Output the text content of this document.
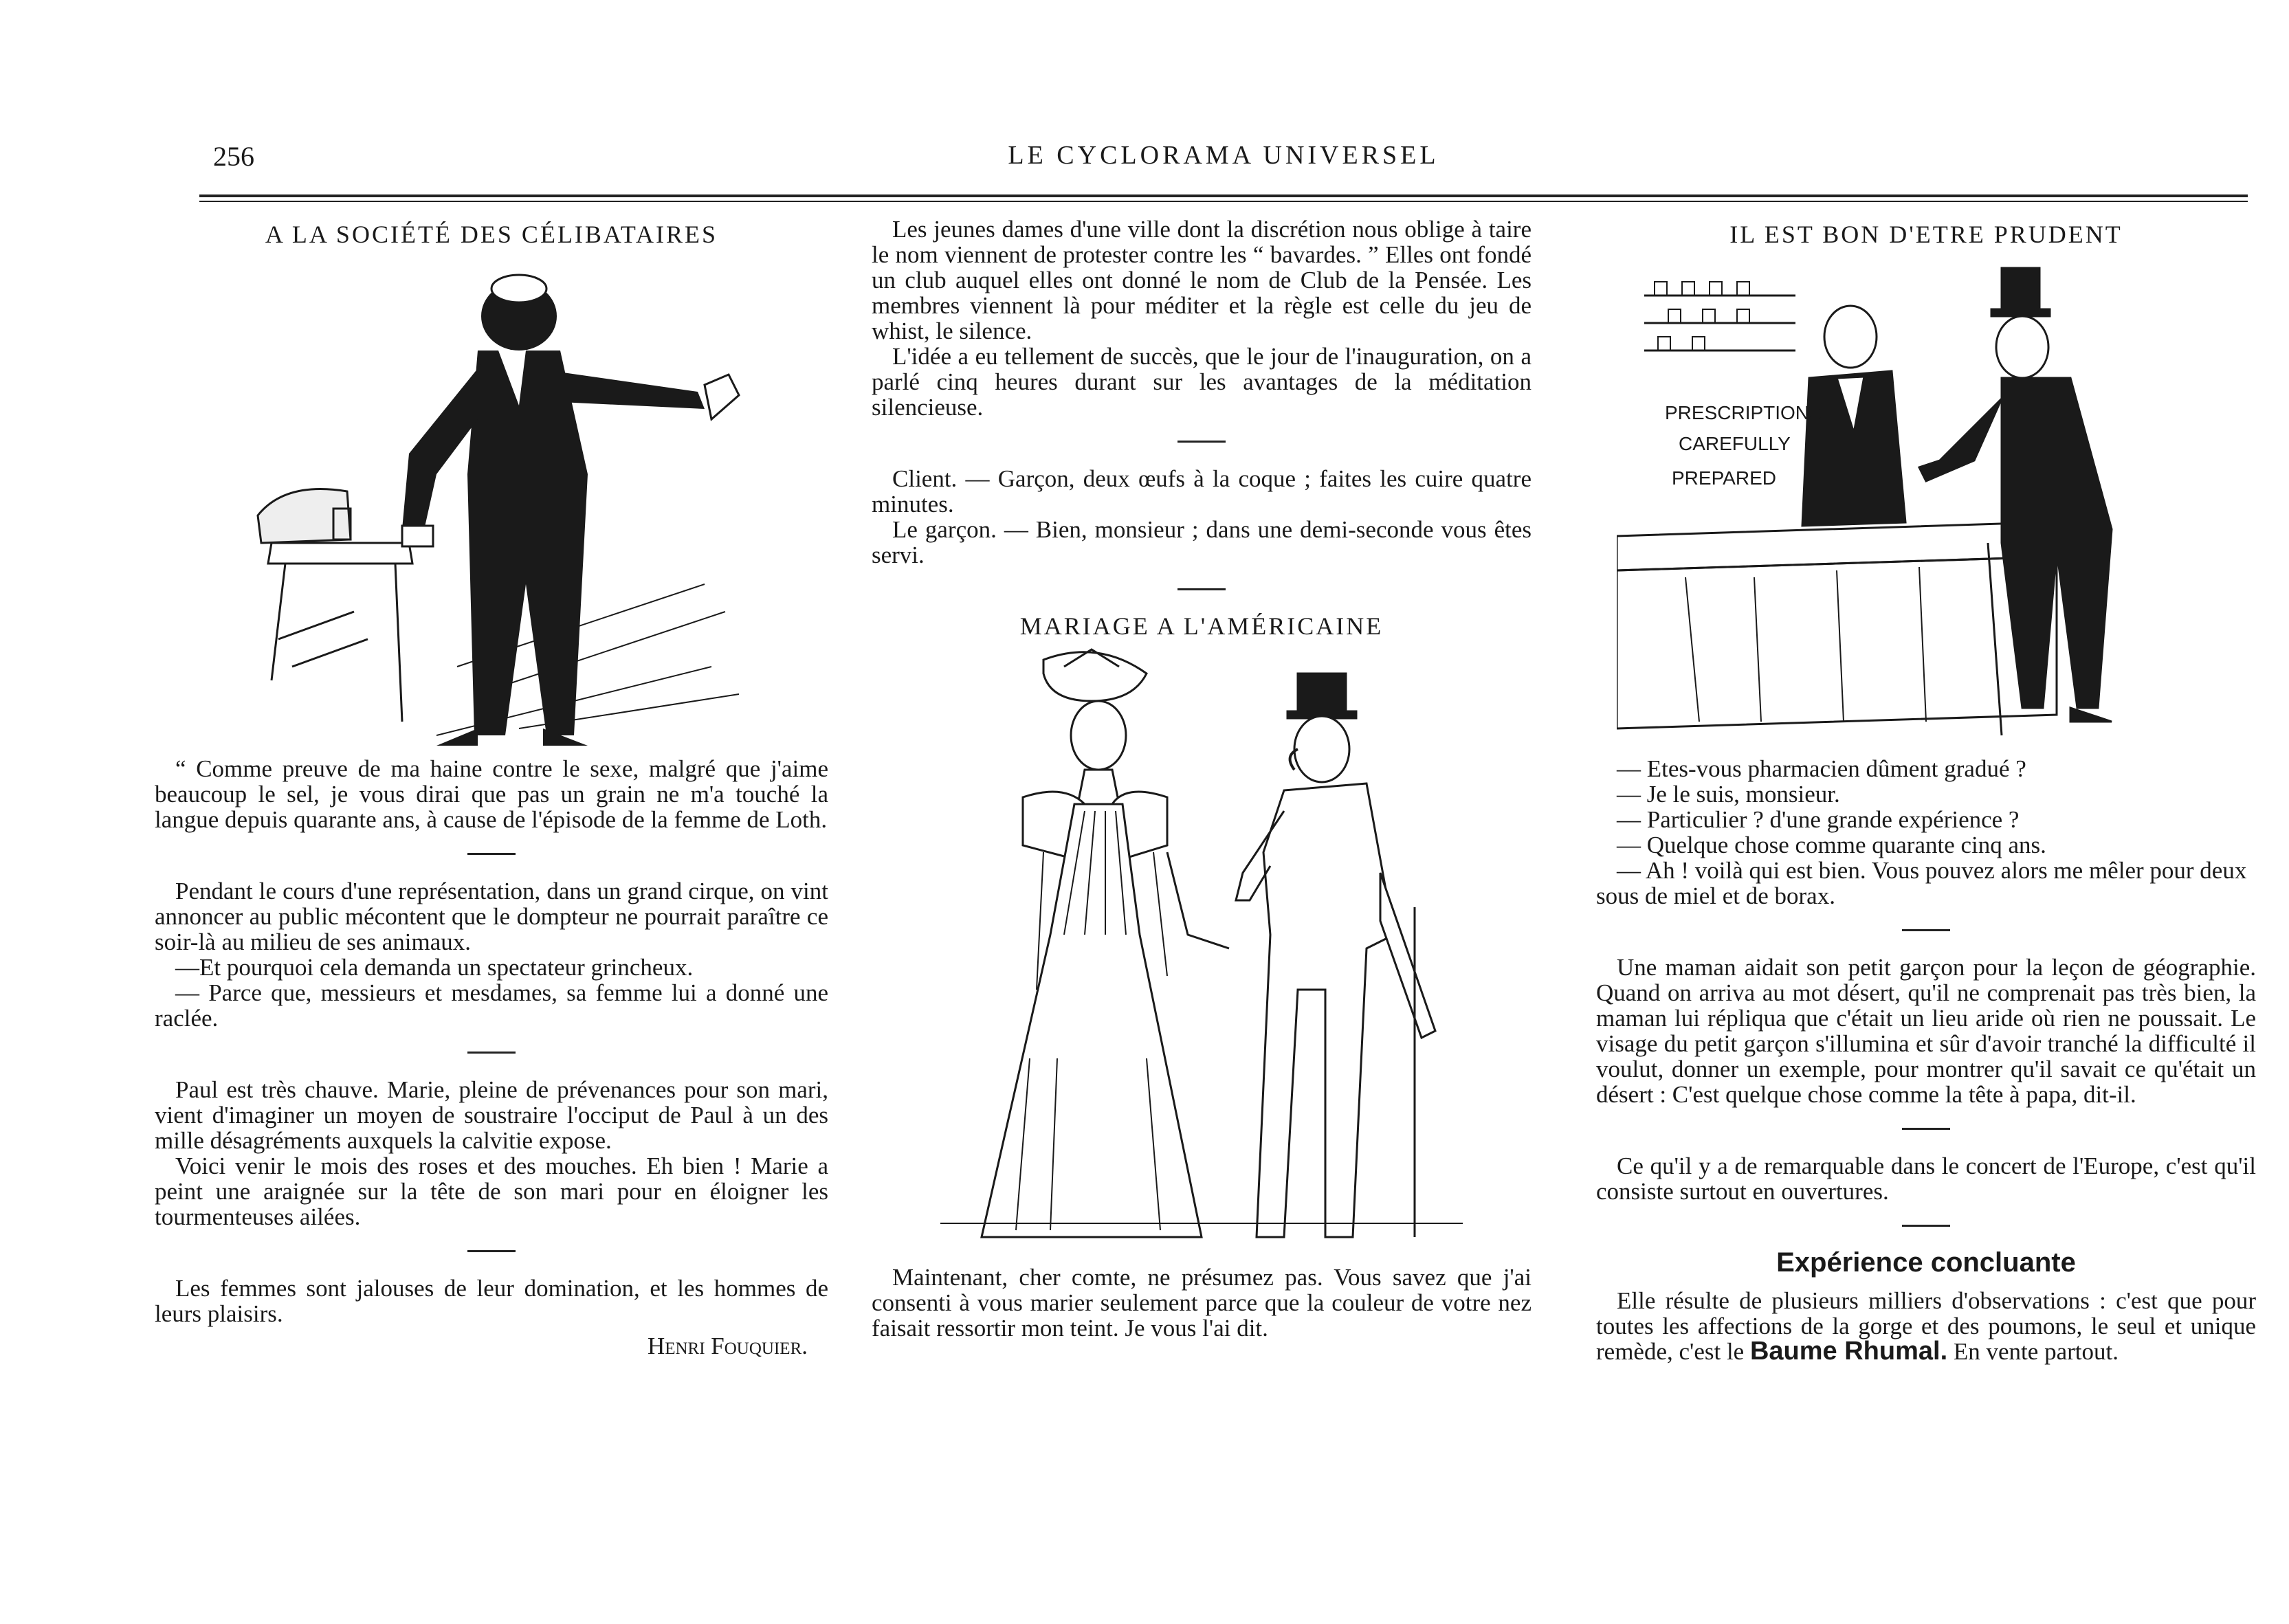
256	LE CYCLORAMA UNIVERSEL
A LA SOCIÉTÉ DES CÉLIBATAIRES

“ Comme preuve de ma haine contre le sexe, malgré que j'aime beaucoup le sel, je vous dirai que pas un grain ne m'a touché la langue depuis quarante ans, à cause de l'épisode de la femme de Loth.

Pendant le cours d'une représentation, dans un grand cirque, on vint annoncer au public mécontent que le dompteur ne pourrait paraître ce soir-là au milieu de ses animaux.

—Et pourquoi cela demanda un spectateur grincheux.

— Parce que, messieurs et mesdames, sa femme lui a donné une raclée.

Paul est très chauve. Marie, pleine de prévenances pour son mari, vient d'imaginer un moyen de soustraire l'occiput de Paul à un des mille désagréments auxquels la calvitie expose.

Voici venir le mois des roses et des mouches. Eh bien ! Marie a peint une araignée sur la tête de son mari pour en éloigner les tourmenteuses ailées.

Les femmes sont jalouses de leur domination, et les hommes de leurs plaisirs.

Henri Fouquier.

Les jeunes dames d'une ville dont la discrétion nous oblige à taire le nom viennent de protester contre les “ bavardes. ” Elles ont fondé un club auquel elles ont donné le nom de Club de la Pensée. Les membres viennent là pour méditer et la règle est celle du jeu de whist, le silence.

L'idée a eu tellement de succès, que le jour de l'inauguration, on a parlé cinq heures durant sur les avantages de la méditation silencieuse.

Client. — Garçon, deux œufs à la coque ; faites les cuire quatre minutes.

Le garçon. — Bien, monsieur ; dans une demi-seconde vous êtes servi.

MARIAGE A L'AMÉRICAINE

Maintenant, cher comte, ne présumez pas. Vous savez que j'ai consenti à vous marier seulement parce que la couleur de votre nez faisait ressortir mon teint. Je vous l'ai dit.

IL EST BON D'ETRE PRUDENT
PRESCRIPTIONS
CAREFULLY
PREPARED

— Etes-vous pharmacien dûment gradué ?

— Je le suis, monsieur.

— Particulier ? d'une grande expérience ?

— Quelque chose comme quarante cinq ans.

— Ah ! voilà qui est bien. Vous pouvez alors me mêler pour deux sous de miel et de borax.

Une maman aidait son petit garçon pour la leçon de géographie. Quand on arriva au mot désert, qu'il ne comprenait pas très bien, la maman lui répliqua que c'était un lieu aride où rien ne poussait. Le visage du petit garçon s'illumina et sûr d'avoir tranché la difficulté il voulut, donner un exemple, pour montrer qu'il savait ce qu'était un désert : C'est quelque chose comme la tête à papa, dit-il.

Ce qu'il y a de remarquable dans le concert de l'Europe, c'est qu'il consiste surtout en ouvertures.

Expérience concluante

Elle résulte de plusieurs milliers d'observations : c'est que pour toutes les affections de la gorge et des poumons, le seul et unique remède, c'est le Baume Rhumal. En vente partout.
